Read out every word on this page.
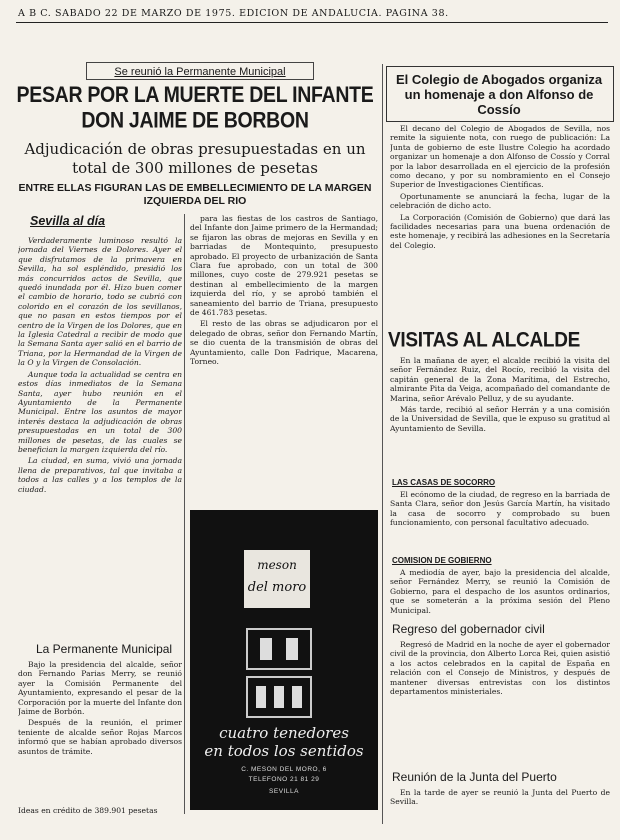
A B C. SABADO 22 DE MARZO DE 1975. EDICION DE ANDALUCIA. PAGINA 38.
Se reunió la Permanente Municipal
PESAR POR LA MUERTE DEL INFANTE
DON JAIME DE BORBON
Adjudicación de obras presupuestadas en un total de 300 millones de pesetas
ENTRE ELLAS FIGURAN LAS DE EMBELLECIMIENTO DE LA MARGEN IZQUIERDA DEL RIO
Sevilla al día

Verdaderamente luminoso resultó la jornada del Viernes de Dolores. Ayer el que disfrutamos de la primavera en Sevilla, ha sol espléndido, presidió los más concurridos actos de Sevilla, que quedó inundada por él. Hizo buen comer el cambio de horario, todo se cubrió con colorido en el corazón de los sevillanos, que no pasan en estos tiempos por el centro de la Virgen de los Dolores, que en la Iglesia Catedral a recibir de modo que la Semana Santa ayer salió en el barrio de Triana, por la Hermandad de la Virgen de la O y la Virgen de Consolación.

Aunque toda la actualidad se centra en estos días inmediatos de la Semana Santa, ayer hubo reunión en el Ayuntamiento de la Permanente Municipal. Entre los asuntos de mayor interés destaca la adjudicación de obras presupuestadas en un total de 300 millones de pesetas, de las cuales se benefician la margen izquierda del río.

La ciudad, en suma, vivió una jornada llena de preparativos, tal que invitaba a todos a las calles y a los templos de la ciudad.

La Permanente Municipal

Bajo la presidencia del alcalde, señor don Fernando Parias Merry, se reunió ayer la Comisión Permanente del Ayuntamiento, expresando el pesar de la Corporación por la muerte del Infante don Jaime de Borbón.

Después de la reunión, el primer teniente de alcalde señor Rojas Marcos informó que se habían aprobado diversos asuntos de trámite.

Ideas en crédito de 389.901 pesetas

para las fiestas de los castros de Santiago, del Infante don Jaime primero de la Hermandad; se fijaron las obras de mejoras en Sevilla y en barriadas de Montequinto, presupuesto aprobado. El proyecto de urbanización de Santa Clara fue aprobado, con un total de 300 millones, cuyo coste de 279.921 pesetas se destinan al embellecimiento de la margen izquierda del río, y se aprobó también el saneamiento del barrio de Triana, presupuesto de 461.783 pesetas.

El resto de las obras se adjudicaron por el delegado de obras, señor don Fernando Martín, se dio cuenta de la transmisión de obras del Ayuntamiento, calle Don Fadrique, Macarena, Torneo.

meson
del moro
cuatro tenedores
en todos los sentidos
C. MESON DEL MORO, 6
TELEFONO 21 81 29
SEVILLA
El Colegio de Abogados organiza un homenaje a don Alfonso de Cossío

El decano del Colegio de Abogados de Sevilla, nos remite la siguiente nota, con ruego de publicación: La Junta de gobierno de este Ilustre Colegio ha acordado organizar un homenaje a don Alfonso de Cossío y Corral por la labor desarrollada en el ejercicio de la profesión como decano, y por su nombramiento en el Consejo Superior de Investigaciones Científicas.

Oportunamente se anunciará la fecha, lugar de la celebración de dicho acto.

La Corporación (Comisión de Gobierno) que dará las facilidades necesarias para una buena ordenación de este homenaje, y recibirá las adhesiones en la Secretaría del Colegio.

VISITAS AL ALCALDE

En la mañana de ayer, el alcalde recibió la visita del señor Fernández Ruiz, del Rocío, recibió la visita del capitán general de la Zona Marítima, del Estrecho, almirante Pita da Veiga, acompañado del comandante de Marina, señor Arévalo Pelluz, y de su ayudante.

Más tarde, recibió al señor Herrán y a una comisión de la Universidad de Sevilla, que le expuso su gratitud al Ayuntamiento de Sevilla.

LAS CASAS DE SOCORRO

El ecónomo de la ciudad, de regreso en la barriada de Santa Clara, señor don Jesús García Martín, ha visitado la casa de socorro y comprobado su buen funcionamiento, con personal facultativo adecuado.

COMISION DE GOBIERNO

A mediodía de ayer, bajo la presidencia del alcalde, señor Fernández Merry, se reunió la Comisión de Gobierno, para el despacho de los asuntos ordinarios, que se someterán a la próxima sesión del Pleno Municipal.

Regreso del gobernador civil

Regresó de Madrid en la noche de ayer el gobernador civil de la provincia, don Alberto Lorca Rei, quien asistió a los actos celebrados en la capital de España en relación con el Consejo de Ministros, y después de mantener diversas entrevistas con los distintos departamentos ministeriales.

Reunión de la Junta del Puerto

En la tarde de ayer se reunió la Junta del Puerto de Sevilla.
